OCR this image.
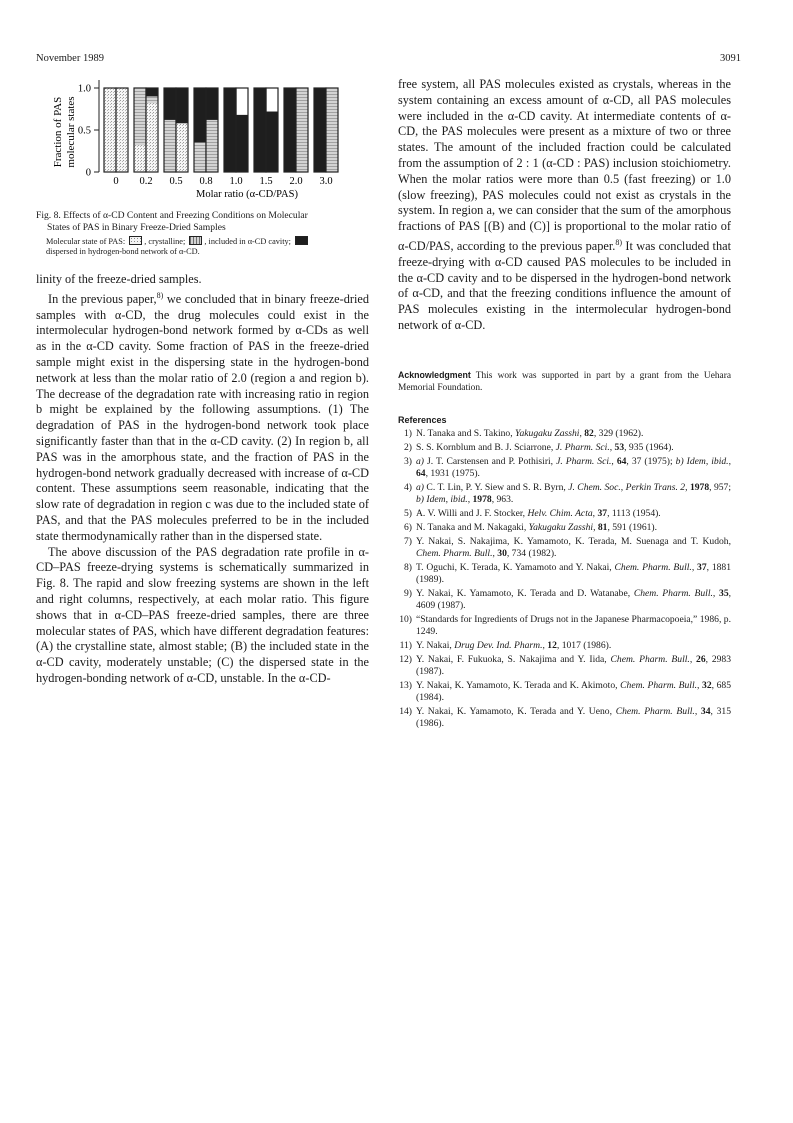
November 1989	3091
Fraction of PAS molecular states
1.0
0.5
0
0 0.2 0.5 0.8 1.0 1.5 2.0 3.0
Molar ratio (α-CD/PAS)
Fig. 8. Effects of α-CD Content and Freezing Conditions on Molecular
States of PAS in Binary Freeze-Dried Samples
Molecular state of PAS: , crystalline; , included in α-CD cavity;
dispersed in hydrogen-bond network of α-CD.

linity of the freeze-dried samples.

In the previous paper,$^{8)}$ we concluded that in binary freeze-dried samples with α-CD, the drug molecules could exist in the intermolecular hydrogen-bond network formed by α-CDs as well as in the α-CD cavity. Some fraction of PAS in the freeze-dried sample might exist in the dispersing state in the hydrogen-bond network at less than the molar ratio of 2.0 (region a and region b). The decrease of the degradation rate with increasing ratio in region b might be explained by the following assumptions. (1) The degradation of PAS in the hydrogen-bond network took place significantly faster than that in the α-CD cavity. (2) In region b, all PAS was in the amorphous state, and the fraction of PAS in the hydrogen-bond network gradually decreased with increase of α-CD content. These assumptions seem reasonable, indicating that the slow rate of degradation in region c was due to the included state of PAS, and that the PAS molecules preferred to be in the included state thermodynamically rather than in the dispersed state.

The above discussion of the PAS degradation rate profile in α-CD–PAS freeze-drying systems is schematically summarized in Fig. 8. The rapid and slow freezing systems are shown in the left and right columns, respectively, at each molar ratio. This figure shows that in α-CD–PAS freeze-dried samples, there are three molecular states of PAS, which have different degradation features: (A) the crystalline state, almost stable; (B) the included state in the α-CD cavity, moderately unstable; (C) the dispersed state in the hydrogen-bonding network of α-CD, unstable. In the α-CD-

free system, all PAS molecules existed as crystals, whereas in the system containing an excess amount of α-CD, all PAS molecules were included in the α-CD cavity. At intermediate contents of α-CD, the PAS molecules were present as a mixture of two or three states. The amount of the included fraction could be calculated from the assumption of 2 : 1 (α-CD : PAS) inclusion stoichiometry. When the molar ratios were more than 0.5 (fast freezing) or 1.0 (slow freezing), PAS molecules could not exist as crystals in the system. In region a, we can consider that the sum of the amorphous fractions of PAS [(B) and (C)] is proportional to the molar ratio of α-CD/PAS, according to the previous paper.$^{8)}$ It was concluded that freeze-drying with α-CD caused PAS molecules to be included in the α-CD cavity and to be dispersed in the hydrogen-bond network of α-CD, and that the freezing conditions influence the amount of PAS molecules existing in the intermolecular hydrogen-bond network of α-CD.

Acknowledgment This work was supported in part by a grant from the Uehara Memorial Foundation.
References
1) N. Tanaka and S. Takino, Yakugaku Zasshi, 82, 329 (1962).
2) S. S. Kornblum and B. J. Sciarrone, J. Pharm. Sci., 53, 935 (1964).
3) a) J. T. Carstensen and P. Pothisiri, J. Pharm. Sci., 64, 37 (1975); b) Idem, ibid., 64, 1931 (1975).
4) a) C. T. Lin, P. Y. Siew and S. R. Byrn, J. Chem. Soc., Perkin Trans. 2, 1978, 957; b) Idem, ibid., 1978, 963.
5) A. V. Willi and J. F. Stocker, Helv. Chim. Acta, 37, 1113 (1954).
6) N. Tanaka and M. Nakagaki, Yakugaku Zasshi, 81, 591 (1961).
7) Y. Nakai, S. Nakajima, K. Yamamoto, K. Terada, M. Suenaga and T. Kudoh, Chem. Pharm. Bull., 30, 734 (1982).
8) T. Oguchi, K. Terada, K. Yamamoto and Y. Nakai, Chem. Pharm. Bull., 37, 1881 (1989).
9) Y. Nakai, K. Yamamoto, K. Terada and D. Watanabe, Chem. Pharm. Bull., 35, 4609 (1987).
10) “Standards for Ingredients of Drugs not in the Japanese Pharmacopoeia,” 1986, p. 1249.
11) Y. Nakai, Drug Dev. Ind. Pharm., 12, 1017 (1986).
12) Y. Nakai, F. Fukuoka, S. Nakajima and Y. Iida, Chem. Pharm. Bull., 26, 2983 (1987).
13) Y. Nakai, K. Yamamoto, K. Terada and K. Akimoto, Chem. Pharm. Bull., 32, 685 (1984).
14) Y. Nakai, K. Yamamoto, K. Terada and Y. Ueno, Chem. Pharm. Bull., 34, 315 (1986).
